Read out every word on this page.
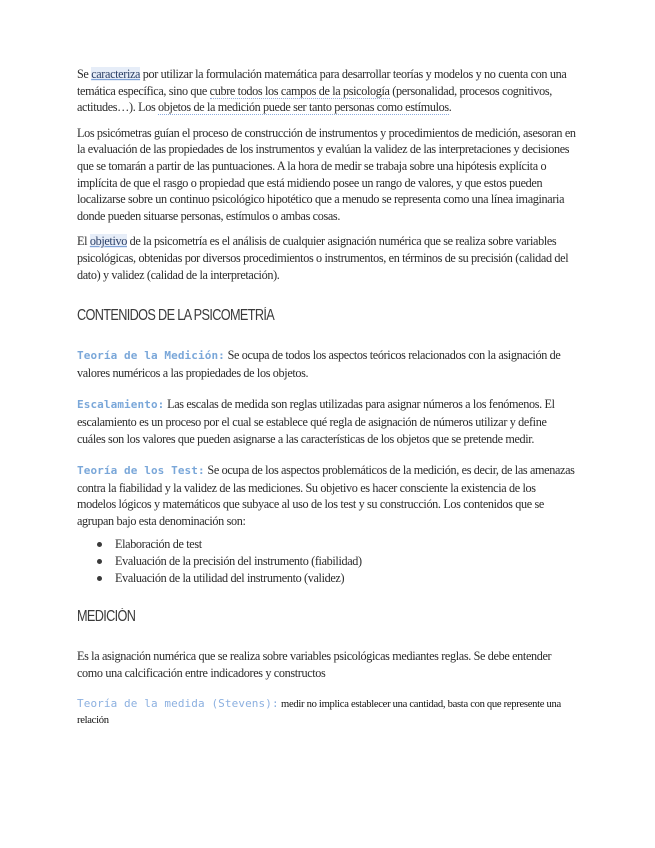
Se caracteriza por utilizar la formulación matemática para desarrollar teorías y modelos y no cuenta con una temática específica, sino que cubre todos los campos de la psicología (personalidad, procesos cognitivos, actitudes…). Los objetos de la medición puede ser tanto personas como estímulos.

Los psicómetras guían el proceso de construcción de instrumentos y procedimientos de medición, asesoran en la evaluación de las propiedades de los instrumentos y evalúan la validez de las interpretaciones y decisiones que se tomarán a partir de las puntuaciones. A la hora de medir se trabaja sobre una hipótesis explícita o implícita de que el rasgo o propiedad que está midiendo posee un rango de valores, y que estos pueden localizarse sobre un continuo psicológico hipotético que a menudo se representa como una línea imaginaria donde pueden situarse personas, estímulos o ambas cosas.

El objetivo de la psicometría es el análisis de cualquier asignación numérica que se realiza sobre variables psicológicas, obtenidas por diversos procedimientos o instrumentos, en términos de su precisión (calidad del dato) y validez (calidad de la interpretación).

CONTENIDOS DE LA PSICOMETRÍA

Teoría de la Medición: Se ocupa de todos los aspectos teóricos relacionados con la asignación de valores numéricos a las propiedades de los objetos.

Escalamiento: Las escalas de medida son reglas utilizadas para asignar números a los fenómenos. El escalamiento es un proceso por el cual se establece qué regla de asignación de números utilizar y define cuáles son los valores que pueden asignarse a las características de los objetos que se pretende medir.

Teoría de los Test: Se ocupa de los aspectos problemáticos de la medición, es decir, de las amenazas contra la fiabilidad y la validez de las mediciones. Su objetivo es hacer consciente la existencia de los modelos lógicos y matemáticos que subyace al uso de los test y su construcción. Los contenidos que se agrupan bajo esta denominación son:

Elaboración de test
Evaluación de la precisión del instrumento (fiabilidad)
Evaluación de la utilidad del instrumento (validez)
MEDICIÓN

Es la asignación numérica que se realiza sobre variables psicológicas mediantes reglas. Se debe entender como una calcificación entre indicadores y constructos

Teoría de la medida (Stevens): medir no implica establecer una cantidad, basta con que represente una relación
